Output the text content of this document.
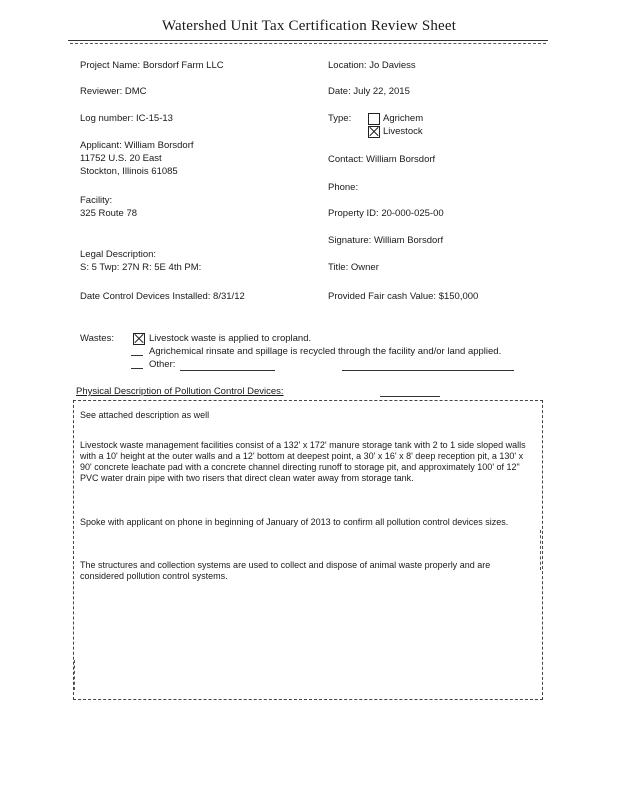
Watershed Unit Tax Certification Review Sheet
Project Name: Borsdorf Farm LLC
Reviewer: DMC
Log number: IC-15-13
Applicant: William Borsdorf
11752 U.S. 20 East
Stockton, Illinois 61085
Facility:
325 Route 78
Legal Description:
S: 5 Twp: 27N R: 5E 4th PM:
Date Control Devices Installed: 8/31/12
Location: Jo Daviess
Date: July 22, 2015
Type:	Agrichem
Livestock
Contact: William Borsdorf
Phone:
Property ID: 20-000-025-00
Signature: William Borsdorf
Title: Owner
Provided Fair cash Value: $150,000
Wastes:	Livestock waste is applied to cropland.
Agrichemical rinsate and spillage is recycled through the facility and/or land applied.
Other:
Physical Description of Pollution Control Devices:
See attached description as well
Livestock waste management facilities consist of a 132' x 172' manure storage tank with 2 to 1 side sloped walls with a 10' height at the outer walls and a 12' bottom at deepest point, a 30' x 16' x 8' deep reception pit, a 130' x 90' concrete leachate pad with a concrete channel directing runoff to storage pit, and approximately 100' of 12" PVC water drain pipe with two risers that direct clean water away from storage tank.
Spoke with applicant on phone in beginning of January of 2013 to confirm all pollution control devices sizes.
The structures and collection systems are used to collect and dispose of animal waste properly and are considered pollution control systems.
